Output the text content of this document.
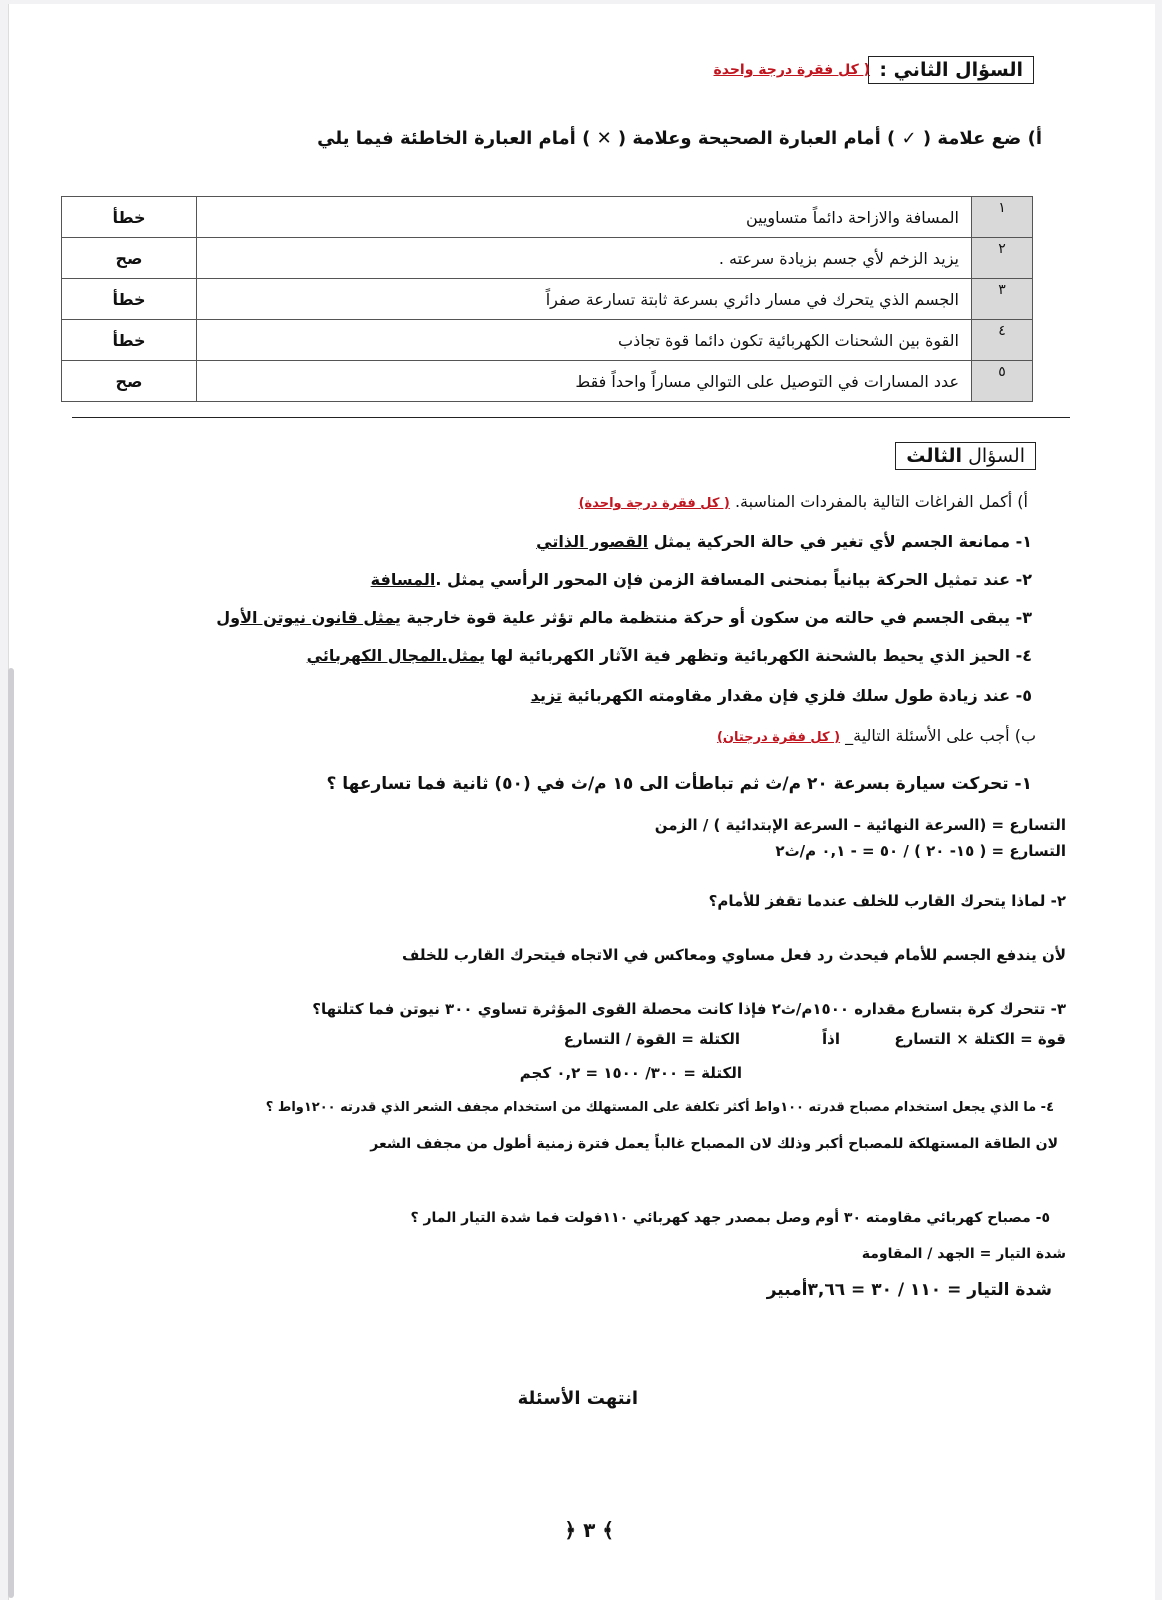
السؤال الثاني :
( كل فقرة درجة واحدة
أ) ضع علامة ( ✓ ) أمام العبارة الصحيحة وعلامة ( ✕ ) أمام العبارة الخاطئة فيما يلي
١	المسافة والازاحة دائماً متساويين	خطأ
٢	يزيد الزخم لأي جسم بزيادة سرعته .	صح
٣	الجسم الذي يتحرك في مسار دائري بسرعة ثابتة تسارعة صفراً	خطأ
٤	القوة بين الشحنات الكهربائية تكون دائما قوة تجاذب	خطأ
٥	عدد المسارات في التوصيل على التوالي مساراً واحداً فقط	صح
السؤال الثالث
أ) أكمل الفراغات التالية بالمفردات المناسبة. ( كل فقرة درجة واحدة)
١- ممانعة الجسم لأي تغير في حالة الحركية يمثل القصور الذاتي
٢- عند تمثيل الحركة بيانياً بمنحنى المسافة الزمن فإن المحور الرأسي يمثل .المسافة
٣- يبقى الجسم في حالته من سكون أو حركة منتظمة مالم تؤثر علية قوة خارجية يمثل قانون نيوتن الأول
٤- الحيز الذي يحيط بالشحنة الكهربائية وتظهر فية الآثار الكهربائية لها يمثل.المجال الكهربائي
٥- عند زيادة طول سلك فلزي فإن مقدار مقاومته الكهربائية تزيد
ب) أجب على الأسئلة التالية_ ( كل فقرة درجتان)
١- تحركت سيارة بسرعة ٢٠ م/ث ثم تباطأت الى ١٥ م/ث في (٥٠) ثانية فما تسارعها ؟
التسارع = (السرعة النهائية – السرعة الإبتدائية ) / الزمن
التسارع = ( ١٥- ٢٠ ) / ٥٠ = - ٠,١ م/ث٢
٢- لماذا يتحرك القارب للخلف عندما تقفز للأمام؟
لأن يندفع الجسم للأمام فيحدث رد فعل مساوي ومعاكس في الاتجاه فيتحرك القارب للخلف
٣- تتحرك كرة بتسارع مقداره ١٥٠٠م/ث٢ فإذا كانت محصلة القوى المؤثرة تساوي ٣٠٠ نيوتن فما كتلتها؟
قوة = الكتلة × التسارع
اذاً
الكتلة = القوة / التسارع
الكتلة = ٣٠٠/ ١٥٠٠ = ٠,٢ كجم
٤- ما الذي يجعل استخدام مصباح قدرته ١٠٠واط أكثر تكلفة على المستهلك من استخدام مجفف الشعر الذي قدرته ١٢٠٠واط ؟
لان الطاقة المستهلكة للمصباح أكبر وذلك لان المصباح غالباً يعمل فترة زمنية أطول من مجفف الشعر
٥- مصباح كهربائي مقاومته ٣٠ أوم وصل بمصدر جهد كهربائي ١١٠فولت فما شدة التيار المار ؟
شدة التيار = الجهد / المقاومة
شدة التيار = ١١٠ / ٣٠ = ٣,٦٦أمبير
انتهت الأسئلة
﴾ ٣ ﴿
